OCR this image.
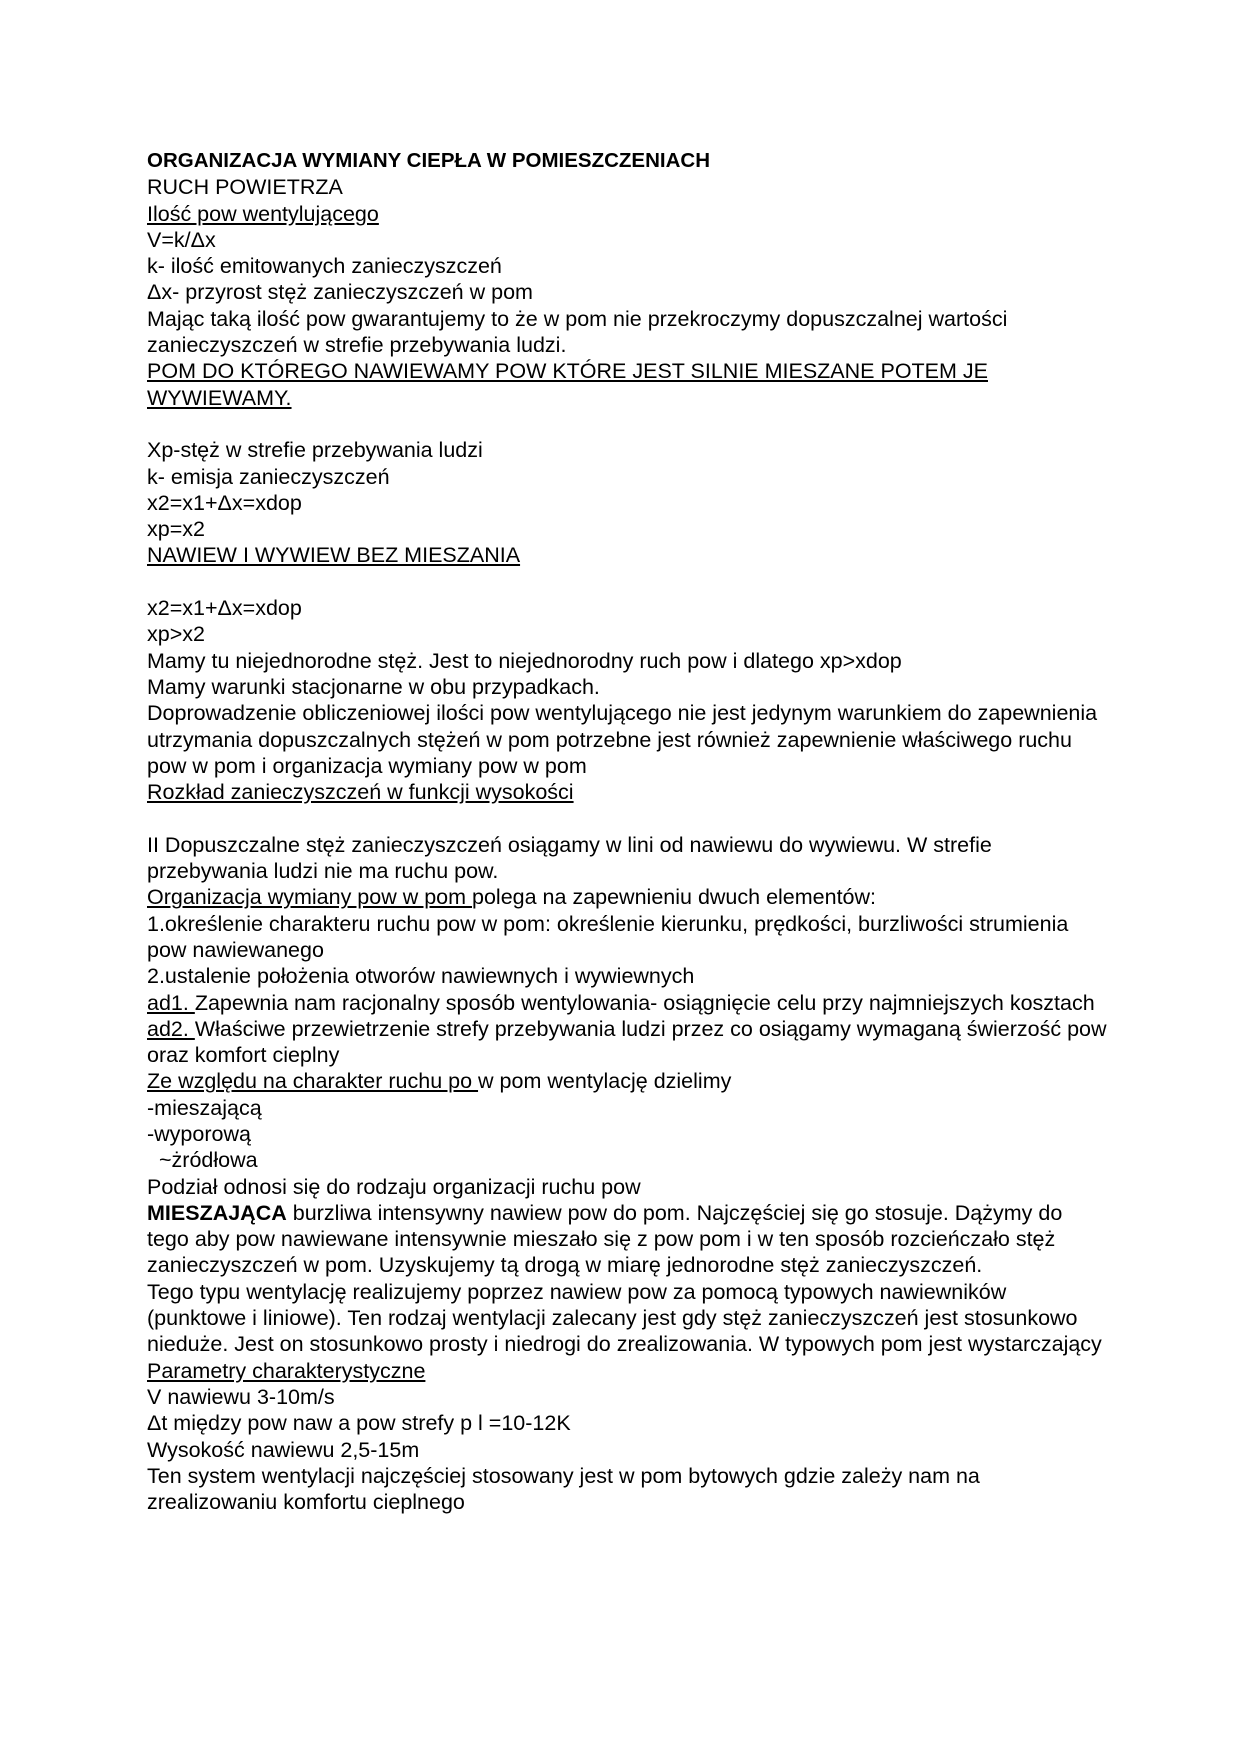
ORGANIZACJA WYMIANY CIEPŁA W POMIESZCZENIACH

RUCH POWIETRZA

Ilość pow wentylującego

V=k/Δx

k- ilość emitowanych zanieczyszczeń

Δx- przyrost stęż zanieczyszczeń w pom

Mając taką ilość pow gwarantujemy to że w pom nie przekroczymy dopuszczalnej wartości zanieczyszczeń w strefie przebywania ludzi.

POM DO KTÓREGO NAWIEWAMY POW KTÓRE JEST SILNIE MIESZANE POTEM JE WYWIEWAMY.

Xp-stęż w strefie przebywania ludzi

k- emisja zanieczyszczeń

x2=x1+Δx=xdop

xp=x2

NAWIEW I WYWIEW BEZ MIESZANIA

x2=x1+Δx=xdop

xp>x2

Mamy tu niejednorodne stęż. Jest to niejednorodny ruch pow i dlatego xp>xdop

Mamy warunki stacjonarne w obu przypadkach.

Doprowadzenie obliczeniowej ilości pow wentylującego nie jest jedynym warunkiem do zapewnienia utrzymania dopuszczalnych stężeń w pom potrzebne jest również zapewnienie właściwego ruchu pow w pom i organizacja wymiany pow w pom

Rozkład zanieczyszczeń w funkcji wysokości

II Dopuszczalne stęż zanieczyszczeń osiągamy w lini od nawiewu do wywiewu. W strefie przebywania ludzi nie ma ruchu pow.

Organizacja wymiany pow w pom polega na zapewnieniu dwuch elementów:

1.określenie charakteru ruchu pow w pom: określenie kierunku, prędkości, burzliwości strumienia pow nawiewanego

2.ustalenie położenia otworów nawiewnych i wywiewnych

ad1. Zapewnia nam racjonalny sposób wentylowania- osiągnięcie celu przy najmniejszych kosztach

ad2. Właściwe przewietrzenie strefy przebywania ludzi przez co osiągamy wymaganą świerzość pow oraz komfort cieplny

Ze względu na charakter ruchu po w pom wentylację dzielimy

-mieszającą

-wyporową

~żródłowa

Podział odnosi się do rodzaju organizacji ruchu pow

MIESZAJĄCA burzliwa intensywny nawiew pow do pom. Najczęściej się go stosuje. Dążymy do tego aby pow nawiewane intensywnie mieszało się z pow pom i w ten sposób rozcieńczało stęż zanieczyszczeń w pom. Uzyskujemy tą drogą w miarę jednorodne stęż zanieczyszczeń.

Tego typu wentylację realizujemy poprzez nawiew pow za pomocą typowych nawiewników (punktowe i liniowe). Ten rodzaj wentylacji zalecany jest gdy stęż zanieczyszczeń jest stosunkowo nieduże. Jest on stosunkowo prosty i niedrogi do zrealizowania. W typowych pom jest wystarczający

Parametry charakterystyczne

V nawiewu 3-10m/s

Δt między pow naw a pow strefy p l =10-12K

Wysokość nawiewu 2,5-15m

Ten system wentylacji najczęściej stosowany jest w pom bytowych gdzie zależy nam na zrealizowaniu komfortu cieplnego
